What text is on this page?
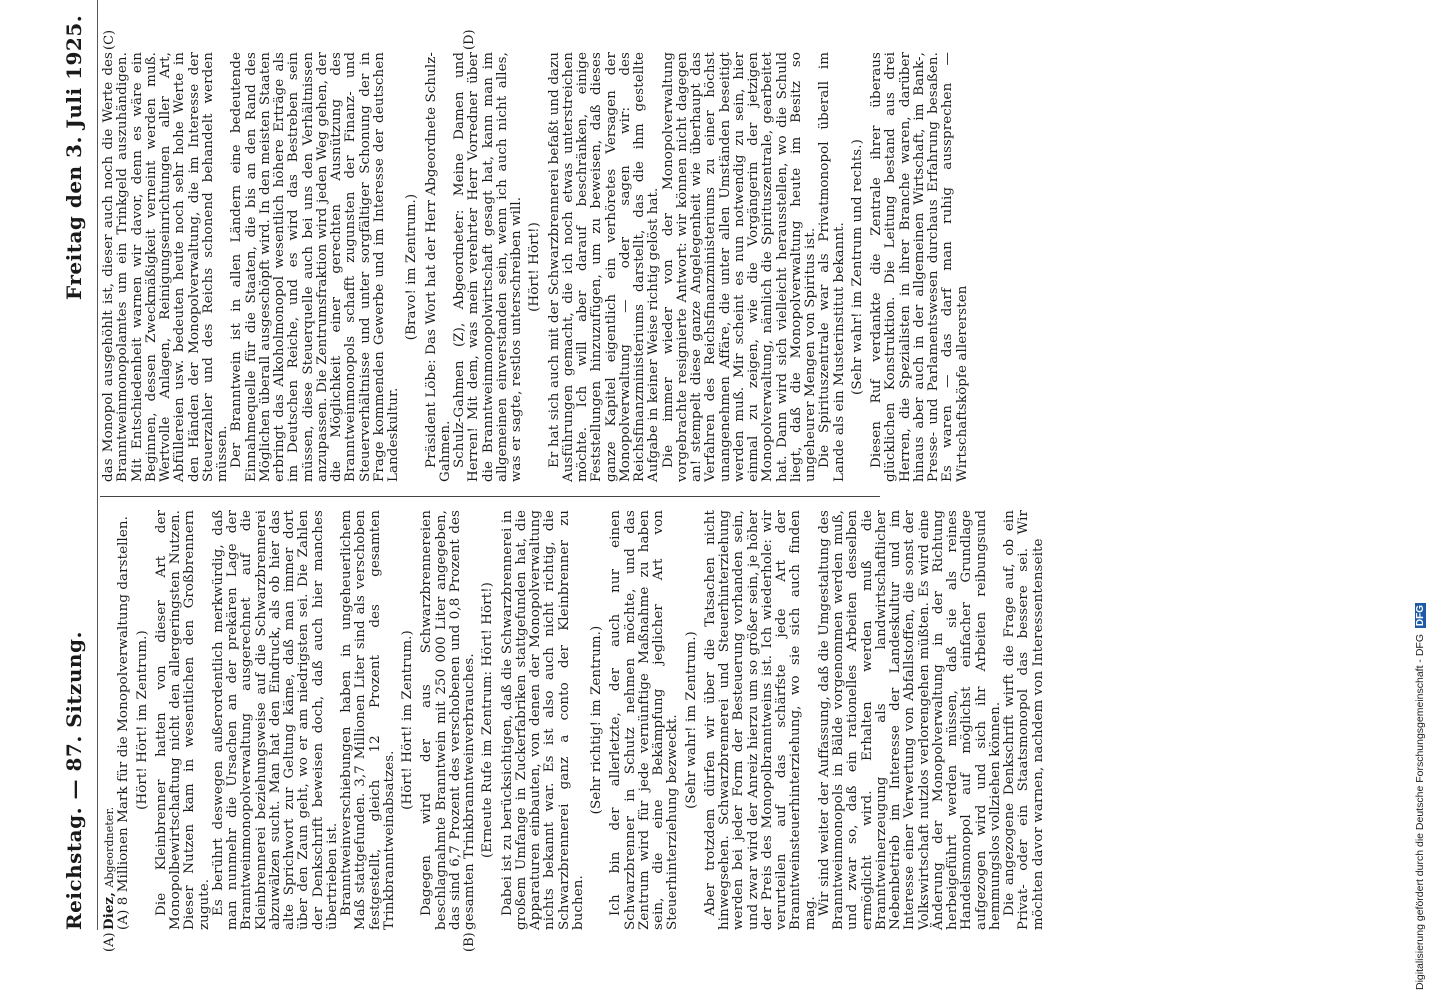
Reichstag. — 87. Sitzung.
Freitag den 3. Juli 1925.

Diez, Abgeordneter. (A) 8 Millionen Mark für die Monopolverwaltung darstellen. (Hört! Hört! im Zentrum.) Die Kleinbrenner hatten von dieser Art der Monopolbewirtschaftung nicht den allergeringsten Nutzen. Dieser Nutzen kam in wesentlichen den Großbrennern zugute. Es berührt deswegen außerordentlich merkwürdig, daß man nunmehr die Ursachen an der prekären Lage der Branntweinmonopolverwaltung ausgerechnet auf die Kleinbrennerei beziehungsweise auf die Schwarzbrennerei abzuwälzen sucht. Man hat den Eindruck, als ob hier das alte Sprichwort zur Geltung käme, daß man immer dort über den Zaun geht, wo er am niedrigsten sei. Die Zahlen der Denkschrift beweisen doch, daß auch hier manches übertrieben ist. Branntweinverschiebungen haben in ungeheuerlichem Maß stattgefunden. 3,7 Millionen Liter sind als verschoben festgestellt, gleich 12 Prozent des gesamten Trinkbranntweinabsatzes.

(Hört! Hört! im Zentrum.) Dagegen wird der aus Schwarzbrennereien beschlagnahmte Branntwein mit 250 000 Liter angegeben, das sind 6,7 Prozent des verschobenen und 0,8 Prozent des gesamten Trinkbranntweinverbrauches. (Erneute Rufe im Zentrum: Hört! Hört!) Dabei ist zu berücksichtigen, daß die Schwarzbrennerei in großem Umfange in Zuckerfabriken stattgefunden hat, die Apparaturen einbauten, von denen der Monopolverwaltung nichts bekannt war. Es ist also auch nicht richtig, die Schwarzbrennerei ganz a conto der Kleinbrenner zu buchen.

(Sehr richtig! im Zentrum.) Ich bin der allerletzte, der auch nur einen Schwarzbrenner in Schutz nehmen möchte, und das Zentrum wird für jede vernünftige Maßnahme zu haben sein, die eine Bekämpfung jeglicher Art von Steuerhinterziehung bezweckt. (Sehr wahr! im Zentrum.) Aber trotzdem dürfen wir über die Tatsachen nicht hinwegsehen. Schwarzbrennerei und Steuerhinterziehung werden bei jeder Form der Besteuerung vorhanden sein, und zwar wird der Anreiz hierzu um so größer sein, je höher der Preis des Monopolbranntweins ist. Ich wiederhole: wir verurteilen auf das schärfste jede Art der Branntweinsteuerhinterziehung, wo sie sich auch finden mag. Wir sind weiter der Auffassung, daß die Umgestaltung des Branntweinmonopols in Bälde vorgenommen werden muß, und zwar so, daß ein rationelles Arbeiten desselben ermöglicht wird. Erhalten werden muß die Branntweinerzeugung als landwirtschaftlicher Nebenbetrieb im Interesse der Landeskultur und im Interesse einer Verwertung von Abfallstoffen, die sonst der Volkswirtschaft nutzlos verlorengehen müßten. Es wird eine Änderung der Monopolverwaltung in der Richtung herbeigeführt werden müssen, daß sie als reines Handelsmonopol auf möglichst einfacher Grundlage aufgezogen wird und sich ihr Arbeiten reibungsund hemmungslos vollziehen können. Die angezogene Denkschrift wirft die Frage auf, ob ein Privat- oder ein Staatsmonopol das bessere sei. Wir möchten davor warnen, nachdem von Interessentenseite

das Monopol ausgehöhlt ist, dieser auch noch die Werte des Branntweinmonopolamtes um ein Trinkgeld auszuhändigen. Mit Entschiedenheit warnen wir davor, denn es wäre ein Beginnen, dessen Zweckmäßigkeit verneint werden muß. Wertvolle Anlagen, Reinigungseinrichtungen aller Art, Abfüllereien usw. bedeuten heute noch sehr hohe Werte in den Händen der Monopolverwaltung, die im Interesse der Steuerzahler und des Reichs schonend behandelt werden müssen. Der Branntwein ist in allen Ländern eine bedeutende Einnahmequelle für die Staaten, die bis an den Rand des Möglichen überall ausgeschöpft wird. In den meisten Staaten erbringt das Alkoholmonopol wesentlich höhere Erträge als im Deutschen Reiche, und es wird das Bestreben sein müssen, diese Steuerquelle auch bei uns den Verhältnissen anzupassen. Die Zentrumsfraktion wird jeden Weg gehen, der die Möglichkeit einer gerechten Ausnützung des Branntweinmonopols schafft zugunsten der Finanz- und Steuerverhältnisse und unter sorgfältiger Schonung der in Frage kommenden Gewerbe und im Interesse der deutschen Landeskultur.

(Bravo! im Zentrum.) Präsident Löbe: Das Wort hat der Herr Abgeordnete Schulz-Gahmen. Schulz-Gahmen (Z), Abgeordneter: Meine Damen und Herren! Mit dem, was mein verehrter Herr Vorredner über die Branntweinmonopolwirtschaft gesagt hat, kann man im allgemeinen einverstanden sein, wenn ich auch nicht alles, was er sagte, restlos unterschreiben will. (Hört! Hört!) Er hat sich auch mit der Schwarzbrennerei befaßt und dazu Ausführungen gemacht, die ich noch etwas unterstreichen möchte. Ich will aber darauf beschränken, einige Feststellungen hinzuzufügen, um zu beweisen, daß dieses ganze Kapitel eigentlich ein verhöretes Versagen der Monopolverwaltung — oder sagen wir: des Reichsfinanzministeriums darstellt, das die ihm gestellte Aufgabe in keiner Weise richtig gelöst hat. Die immer wieder von der Monopolverwaltung vorgebrachte resignierte Antwort: wir können nicht dagegen an! stempelt diese ganze Angelegenheit wie überhaupt das Verfahren des Reichsfinanzministeriums zu einer höchst unangenehmen Affäre, die unter allen Umständen beseitigt werden muß. Mir scheint es nun notwendig zu sein, hier einmal zu zeigen, wie die Vorgängerin der jetzigen Monopolverwaltung, nämlich die Spirituszentrale, gearbeitet hat. Dann wird sich vielleicht herausstellen, wo die Schuld liegt, daß die Monopolverwaltung heute im Besitz so ungeheurer Mengen von Spiritus ist. Die Spirituszentrale war als Privatmonopol überall im Lande als ein Musterinstitut bekannt. (Sehr wahr! im Zentrum und rechts.) Diesen Ruf verdankte die Zentrale ihrer überaus glücklichen Konstruktion. Die Leitung bestand aus drei Herren, die Spezialisten in ihrer Branche waren, darüber hinaus aber auch in der allgemeinen Wirtschaft, im Bank-, Presse- und Parlamentswesen durchaus Erfahrung besaßen. Es waren — das darf man ruhig aussprechen — Wirtschaftsköpfe allerersten

(A)	(B)
(C)	(D)
Digitalisierung gefördert durch die Deutsche Forschungsgemeinschaft - DFG DFG
